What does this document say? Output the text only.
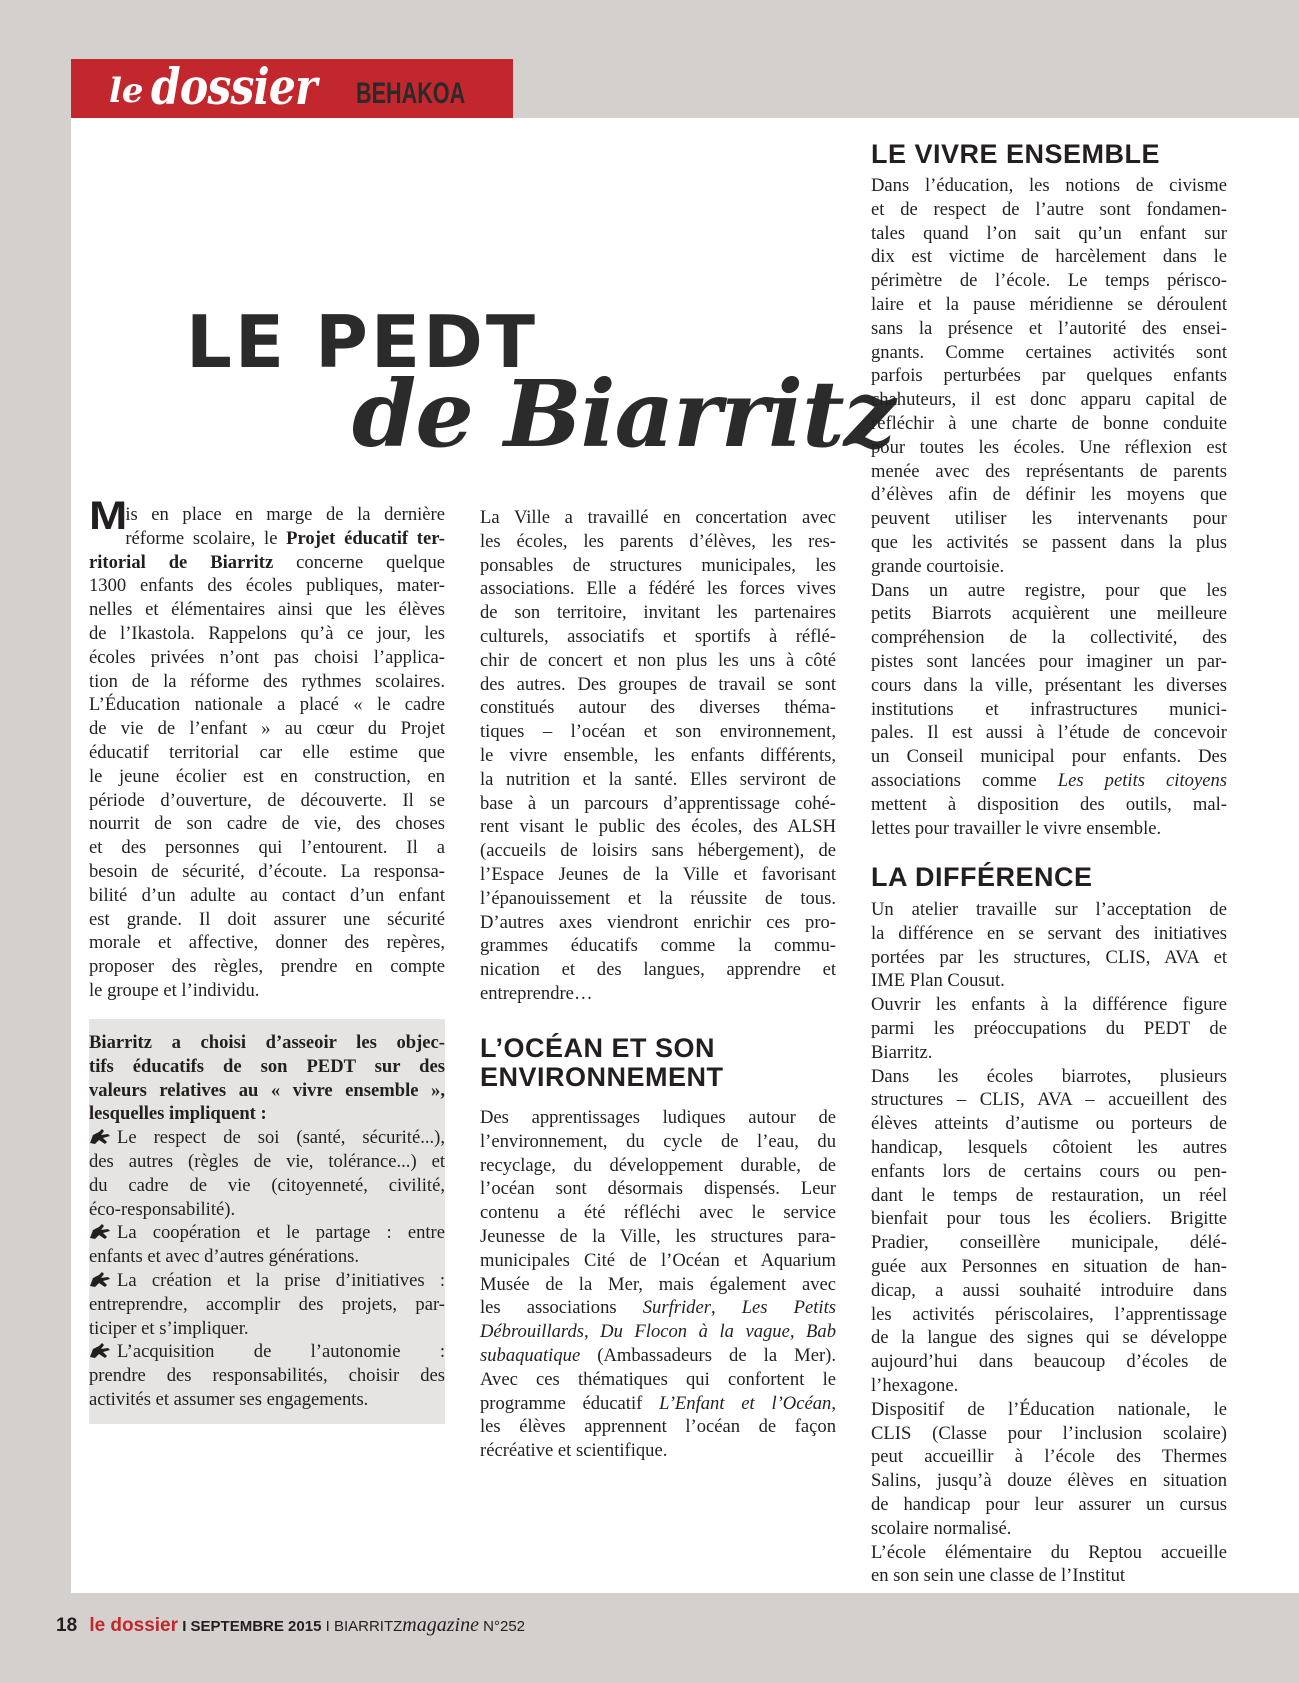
le dossier BEHAKOA
LE PEDT
de Biarritz
M
is en place en marge de la dernière
réforme scolaire, le Projet éducatif ter-
ritorial de Biarritz concerne quelque
1300 enfants des écoles publiques, mater-
nelles et élémentaires ainsi que les élèves
de l’Ikastola. Rappelons qu’à ce jour, les
écoles privées n’ont pas choisi l’applica-
tion de la réforme des rythmes scolaires.
L’Éducation nationale a placé « le cadre
de vie de l’enfant » au cœur du Projet
éducatif territorial car elle estime que
le jeune écolier est en construction, en
période d’ouverture, de découverte. Il se
nourrit de son cadre de vie, des choses
et des personnes qui l’entourent. Il a
besoin de sécurité, d’écoute. La responsa-
bilité d’un adulte au contact d’un enfant
est grande. Il doit assurer une sécurité
morale et affective, donner des repères,
proposer des règles, prendre en compte
le groupe et l’individu.
Biarritz a choisi d’asseoir les objec-
tifs éducatifs de son PEDT sur des
valeurs relatives au « vivre ensemble »,
lesquelles impliquent :
Le respect de soi (santé, sécurité...),
des autres (règles de vie, tolérance...) et
du cadre de vie (citoyenneté, civilité,
éco-responsabilité).
La coopération et le partage : entre
enfants et avec d’autres générations.
La création et la prise d’initiatives :
entreprendre, accomplir des projets, par-
ticiper et s’impliquer.
L’acquisition de l’autonomie :
prendre des responsabilités, choisir des
activités et assumer ses engagements.
La Ville a travaillé en concertation avec
les écoles, les parents d’élèves, les res-
ponsables de structures municipales, les
associations. Elle a fédéré les forces vives
de son territoire, invitant les partenaires
culturels, associatifs et sportifs à réflé-
chir de concert et non plus les uns à côté
des autres. Des groupes de travail se sont
constitués autour des diverses théma-
tiques – l’océan et son environnement,
le vivre ensemble, les enfants différents,
la nutrition et la santé. Elles serviront de
base à un parcours d’apprentissage cohé-
rent visant le public des écoles, des ALSH
(accueils de loisirs sans hébergement), de
l’Espace Jeunes de la Ville et favorisant
l’épanouissement et la réussite de tous.
D’autres axes viendront enrichir ces pro-
grammes éducatifs comme la commu-
nication et des langues, apprendre et
entreprendre…
L’OCÉAN ET SON
ENVIRONNEMENT
Des apprentissages ludiques autour de
l’environnement, du cycle de l’eau, du
recyclage, du développement durable, de
l’océan sont désormais dispensés. Leur
contenu a été réfléchi avec le service
Jeunesse de la Ville, les structures para-
municipales Cité de l’Océan et Aquarium
Musée de la Mer, mais également avec
les associations Surfrider, Les Petits
Débrouillards, Du Flocon à la vague, Bab
subaquatique (Ambassadeurs de la Mer).
Avec ces thématiques qui confortent le
programme éducatif L’Enfant et l’Océan,
les élèves apprennent l’océan de façon
récréative et scientifique.
LE VIVRE ENSEMBLE
Dans l’éducation, les notions de civisme
et de respect de l’autre sont fondamen-
tales quand l’on sait qu’un enfant sur
dix est victime de harcèlement dans le
périmètre de l’école. Le temps périsco-
laire et la pause méridienne se déroulent
sans la présence et l’autorité des ensei-
gnants. Comme certaines activités sont
parfois perturbées par quelques enfants
chahuteurs, il est donc apparu capital de
réfléchir à une charte de bonne conduite
pour toutes les écoles. Une réflexion est
menée avec des représentants de parents
d’élèves afin de définir les moyens que
peuvent utiliser les intervenants pour
que les activités se passent dans la plus
grande courtoisie.
Dans un autre registre, pour que les
petits Biarrots acquièrent une meilleure
compréhension de la collectivité, des
pistes sont lancées pour imaginer un par-
cours dans la ville, présentant les diverses
institutions et infrastructures munici-
pales. Il est aussi à l’étude de concevoir
un Conseil municipal pour enfants. Des
associations comme Les petits citoyens
mettent à disposition des outils, mal-
lettes pour travailler le vivre ensemble.
LA DIFFÉRENCE
Un atelier travaille sur l’acceptation de
la différence en se servant des initiatives
portées par les structures, CLIS, AVA et
IME Plan Cousut.
Ouvrir les enfants à la différence figure
parmi les préoccupations du PEDT de
Biarritz.
Dans les écoles biarrotes, plusieurs
structures – CLIS, AVA – accueillent des
élèves atteints d’autisme ou porteurs de
handicap, lesquels côtoient les autres
enfants lors de certains cours ou pen-
dant le temps de restauration, un réel
bienfait pour tous les écoliers. Brigitte
Pradier, conseillère municipale, délé-
guée aux Personnes en situation de han-
dicap, a aussi souhaité introduire dans
les activités périscolaires, l’apprentissage
de la langue des signes qui se développe
aujourd’hui dans beaucoup d’écoles de
l’hexagone.
Dispositif de l’Éducation nationale, le
CLIS (Classe pour l’inclusion scolaire)
peut accueillir à l’école des Thermes
Salins, jusqu’à douze élèves en situation
de handicap pour leur assurer un cursus
scolaire normalisé.
L’école élémentaire du Reptou accueille
en son sein une classe de l’Institut
18 le dossier I SEPTEMBRE 2015 I BIARRITZmagazine N°252
